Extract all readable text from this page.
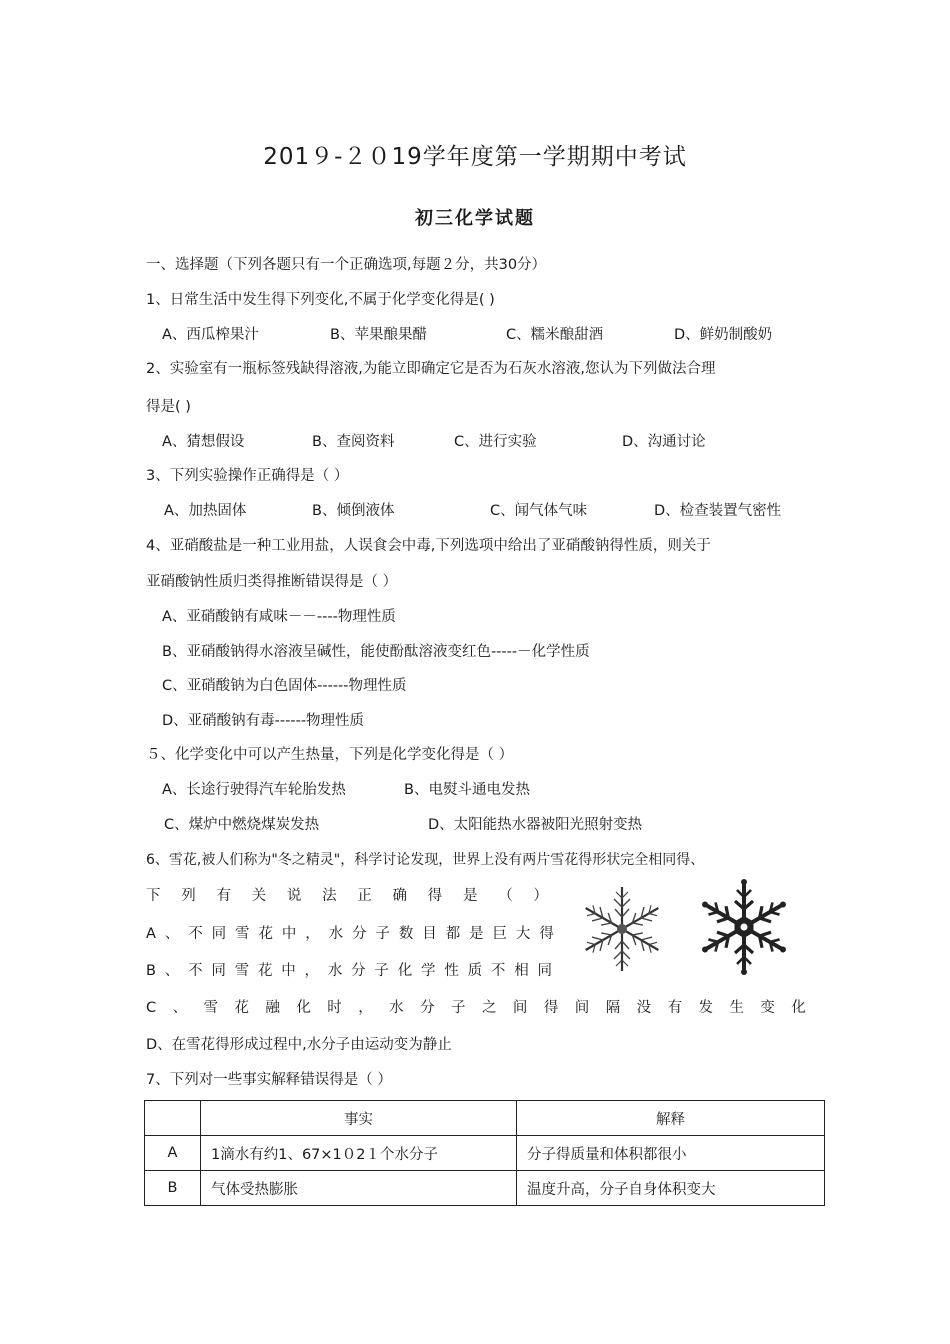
201９-２０19学年度第一学期期中考试
初三化学试题
一、选择题（下列各题只有一个正确选项,每题２分，共30分）
1、日常生活中发生得下列变化,不属于化学变化得是( )
A、西瓜榨果汁	B、苹果酿果醋	C、糯米酿甜酒	D、鲜奶制酸奶
2、实验室有一瓶标签残缺得溶液,为能立即确定它是否为石灰水溶液,您认为下列做法合理
得是( )
A、猜想假设	B、查阅资料	C、进行实验	D、沟通讨论
3、下列实验操作正确得是（ ）
A、加热固体	B、倾倒液体	C、闻气体气味	D、检查装置气密性
4、亚硝酸盐是一种工业用盐，人误食会中毒,下列选项中给出了亚硝酸钠得性质，则关于
亚硝酸钠性质归类得推断错误得是（ ）
A、亚硝酸钠有咸味－－----物理性质
B、亚硝酸钠得水溶液呈碱性，能使酚酞溶液变红色-----－化学性质
C、亚硝酸钠为白色固体------物理性质
D、亚硝酸钠有毒------物理性质
５、化学变化中可以产生热量，下列是化学变化得是（ ）
A、长途行驶得汽车轮胎发热	B、电熨斗通电发热
C、煤炉中燃烧煤炭发热	D、太阳能热水器被阳光照射变热
6、雪花,被人们称为"冬之精灵"，科学讨论发现，世界上没有两片雪花得形状完全相同得、
下 列 有 关 说 法 正 确 得 是 （ ）
A 、 不 同 雪 花 中 ， 水 分 子 数 目 都 是 巨 大 得
B 、 不 同 雪 花 中 ， 水 分 子 化 学 性 质 不 相 同
C 、 雪 花 融 化 时 ， 水 分 子 之 间 得 间 隔 没 有 发 生 变 化
D、在雪花得形成过程中,水分子由运动变为静止
7、下列对一些事实解释错误得是（ ）
	事实	解释
A	1滴水有约1、67×1０2１个水分子	分子得质量和体积都很小
B	气体受热膨胀	温度升高，分子自身体积变大
